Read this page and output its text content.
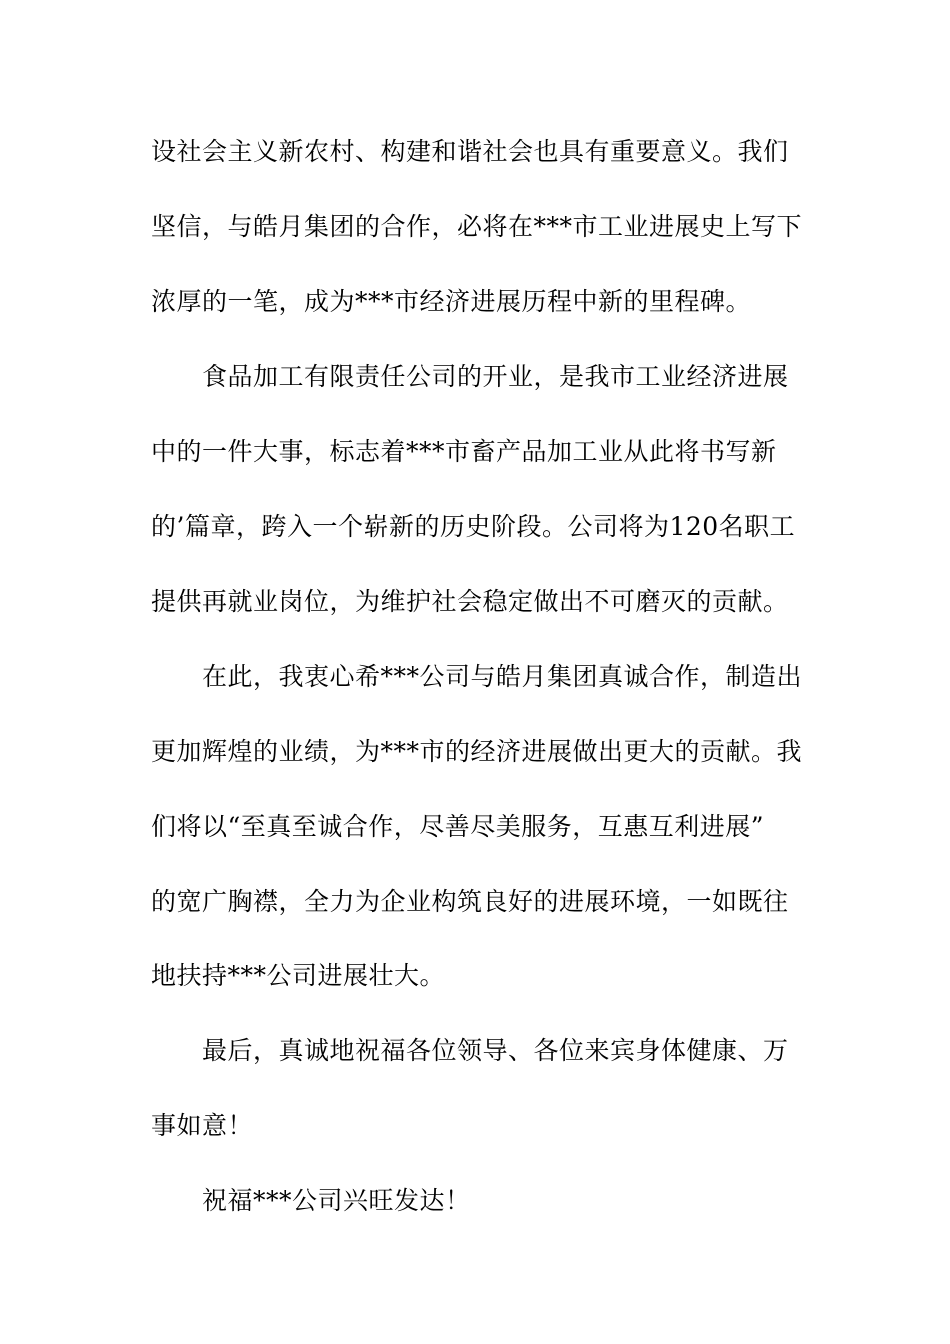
设社会主义新农村、构建和谐社会也具有重要意义。我们
坚信，与皓月集团的合作，必将在***市工业进展史上写下
浓厚的一笔，成为***市经济进展历程中新的里程碑。
食品加工有限责任公司的开业，是我市工业经济进展
中的一件大事，标志着***市畜产品加工业从此将书写新
的’篇章，跨入一个崭新的历史阶段。公司将为120名职工
提供再就业岗位，为维护社会稳定做出不可磨灭的贡献。
在此，我衷心希***公司与皓月集团真诚合作，制造出
更加辉煌的业绩，为***市的经济进展做出更大的贡献。我
们将以“至真至诚合作，尽善尽美服务，互惠互利进展”
的宽广胸襟，全力为企业构筑良好的进展环境，一如既往
地扶持***公司进展壮大。
最后，真诚地祝福各位领导、各位来宾身体健康、万
事如意！
祝福***公司兴旺发达！
